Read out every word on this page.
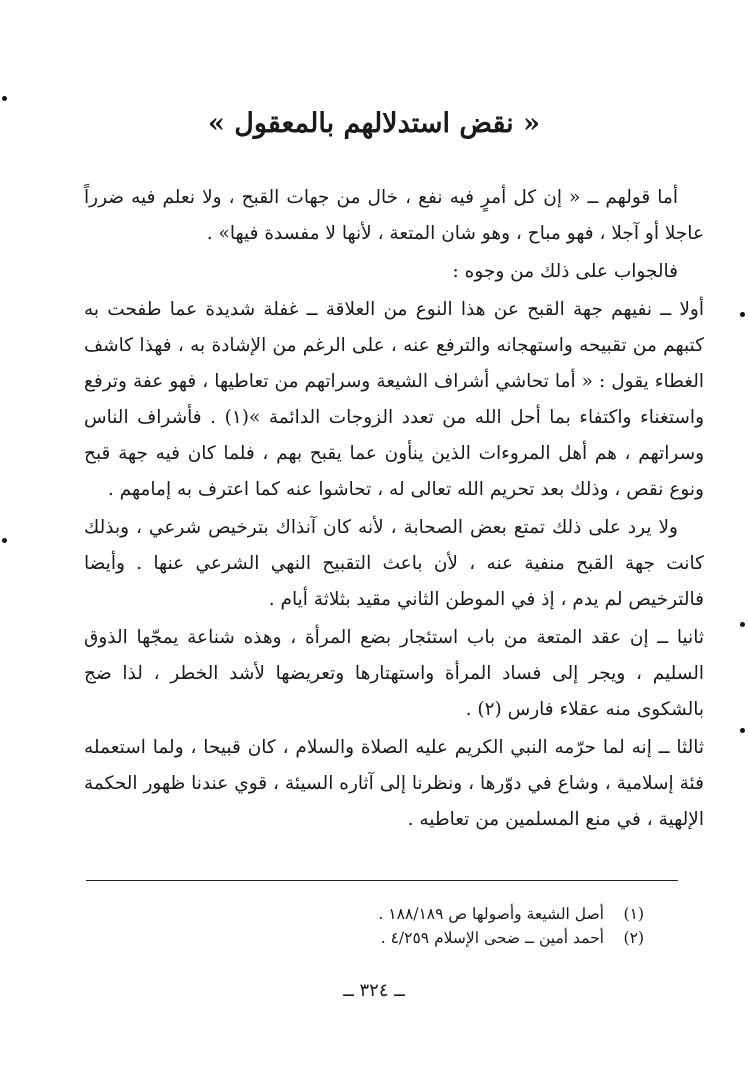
« نقض استدلالهم بالمعقول »

أما قولهم ــ « إن كل أمرٍ فيه نفع ، خال من جهات القبح ، ولا نعلم فيه ضرراً عاجلا أو آجلا ، فهو مباح ، وهو شان المتعة ، لأنها لا مفسدة فيها» .

فالجواب على ذلك من وجوه :

أولا ــ نفيهم جهة القبح عن هذا النوع من العلاقة ــ غفلة شديدة عما طفحت به كتبهم من تقبيحه واستهجانه والترفع عنه ، على الرغم من الإشادة به ، فهذا كاشف الغطاء يقول : « أما تحاشي أشراف الشيعة وسراتهم من تعاطيها ، فهو عفة وترفع واستغناء واكتفاء بما أحل الله من تعدد الزوجات الدائمة »(١) . فأشراف الناس وسراتهم ، هم أهل المروءات الذين ينأون عما يقبح بهم ، فلما كان فيه جهة قبح ونوع نقص ، وذلك بعد تحريم الله تعالى له ، تحاشوا عنه كما اعترف به إمامهم .

ولا يرد على ذلك تمتع بعض الصحابة ، لأنه كان آنذاك بترخيص شرعي ، وبذلك كانت جهة القبح منفية عنه ، لأن باعث التقبيح النهي الشرعي عنها . وأيضا فالترخيص لم يدم ، إذ في الموطن الثاني مقيد بثلاثة أيام .

ثانيا ــ إن عقد المتعة من باب استئجار بضع المرأة ، وهذه شناعة يمجّها الذوق السليم ، ويجر إلى فساد المرأة واستهتارها وتعريضها لأشد الخطر ، لذا ضج بالشكوى منه عقلاء فارس (٢) .

ثالثا ــ إنه لما حرّمه النبي الكريم عليه الصلاة والسلام ، كان قبيحا ، ولما استعمله فئة إسلامية ، وشاع في دوّرها ، ونظرنا إلى آثاره السيئة ، قوي عندنا ظهور الحكمة الإلهية ، في منع المسلمين من تعاطيه .

(١)
أصل الشيعة وأصولها ص ١٨٨/١٨٩ .
(٢)
أحمد أمين ــ ضحى الإسلام ٤/٢٥٩ .
ــ ٣٢٤ ــ
